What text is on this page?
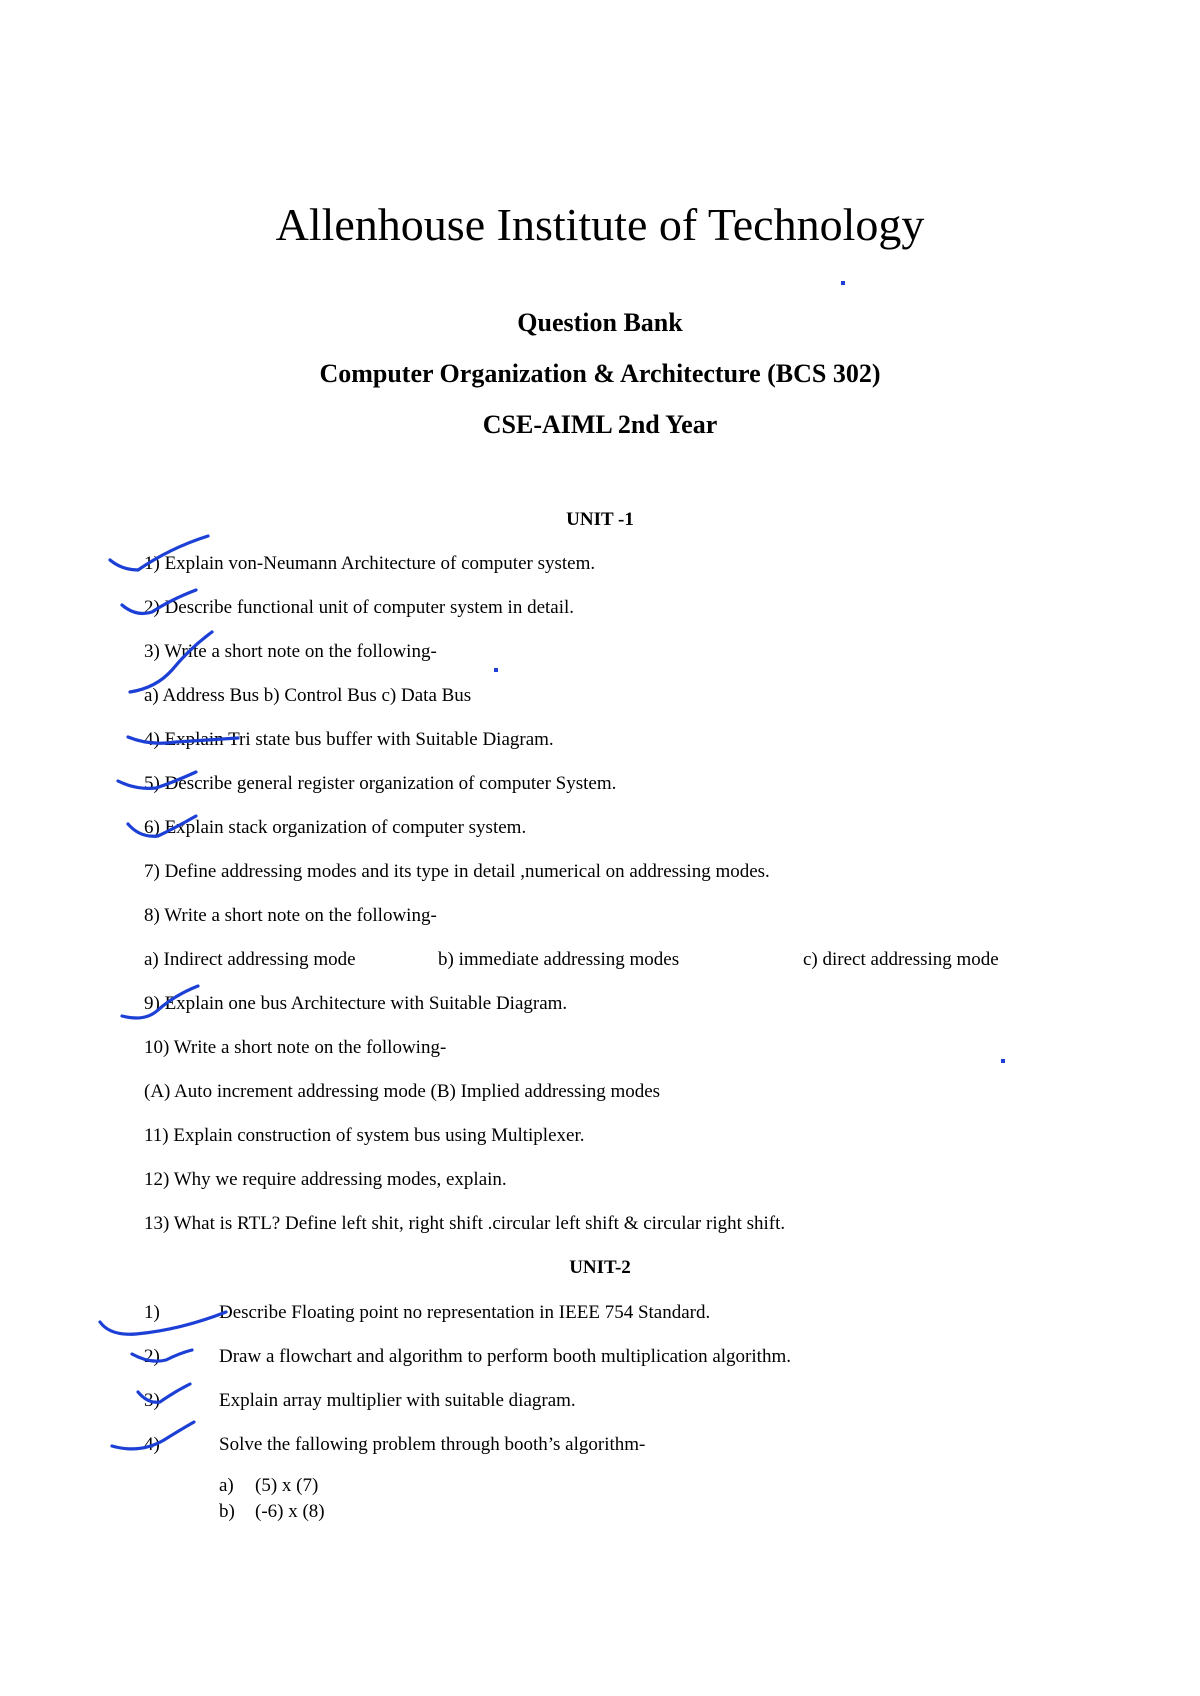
Allenhouse Institute of Technology
Question Bank
Computer Organization & Architecture (BCS 302)
CSE-AIML 2nd Year
UNIT -1
1) Explain von-Neumann Architecture of computer system.
2) Describe functional unit of computer system in detail.
3) Write a short note on the following-
a) Address Bus b) Control Bus c) Data Bus
4) Explain Tri state bus buffer with Suitable Diagram.
5) Describe general register organization of computer System.
6) Explain stack organization of computer system.
7) Define addressing modes and its type in detail ,numerical on addressing modes.
8) Write a short note on the following-
a) Indirect addressing mode	b) immediate addressing modes	c) direct addressing mode
9) Explain one bus Architecture with Suitable Diagram.
10) Write a short note on the following-
(A) Auto increment addressing mode (B) Implied addressing modes
11) Explain construction of system bus using Multiplexer.
12) Why we require addressing modes, explain.
13) What is RTL? Define left shit, right shift .circular left shift & circular right shift.
UNIT-2
1)	Describe Floating point no representation in IEEE 754 Standard.
2)	Draw a flowchart and algorithm to perform booth multiplication algorithm.
3)	Explain array multiplier with suitable diagram.
4)	Solve the fallowing problem through booth’s algorithm-
a) (5) x (7)
b) (-6) x (8)
